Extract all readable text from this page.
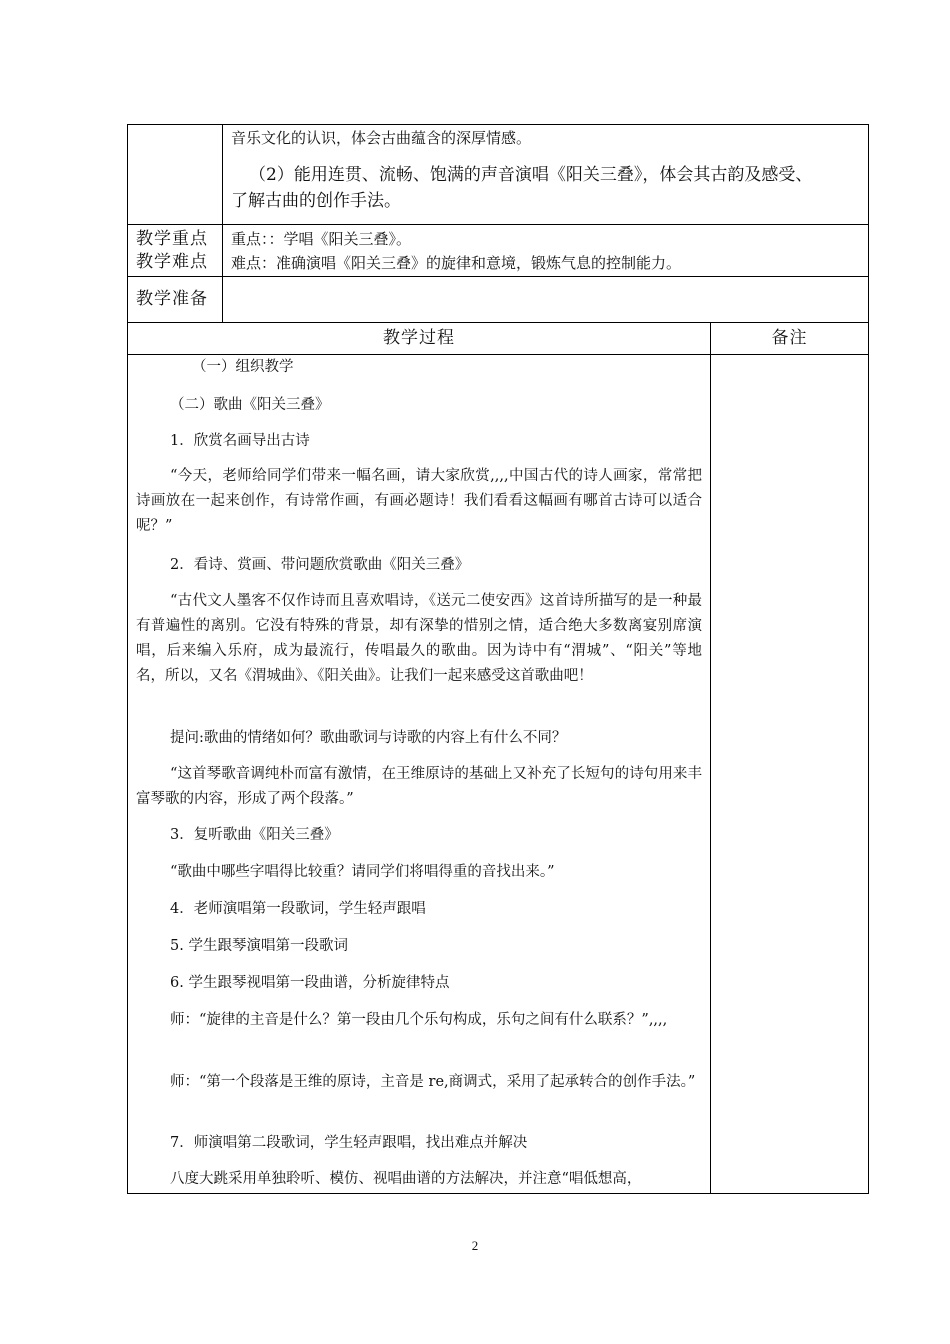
音乐文化的认识，体会古曲蕴含的深厚情感。
（2）能用连贯、流畅、饱满的声音演唱《阳关三叠》，体会其古韵及感受、
了解古曲的创作手法。
教学重点
教学难点
重点：：学唱《阳关三叠》。
难点：准确演唱《阳关三叠》的旋律和意境，锻炼气息的控制能力。
教学准备
教学过程	备注
（一）组织教学
（二）歌曲《阳关三叠》
1．欣赏名画导出古诗
“今天，老师给同学们带来一幅名画，请大家欣赏,,,,中国古代的诗人画家，常常把诗画放在一起来创作，有诗常作画，有画必题诗！我们看看这幅画有哪首古诗可以适合呢？”
2．看诗、赏画、带问题欣赏歌曲《阳关三叠》
“古代文人墨客不仅作诗而且喜欢唱诗，《送元二使安西》这首诗所描写的是一种最有普遍性的离别。它没有特殊的背景，却有深挚的惜别之情，适合绝大多数离宴别席演唱，后来编入乐府，成为最流行，传唱最久的歌曲。因为诗中有“渭城”、“阳关”等地名，所以，又名《渭城曲》、《阳关曲》。让我们一起来感受这首歌曲吧！
提问:歌曲的情绪如何？歌曲歌词与诗歌的内容上有什么不同？
“这首琴歌音调纯朴而富有激情，在王维原诗的基础上又补充了长短句的诗句用来丰富琴歌的内容，形成了两个段落。”
3．复听歌曲《阳关三叠》
“歌曲中哪些字唱得比较重？请同学们将唱得重的音找出来。”
4．老师演唱第一段歌词，学生轻声跟唱
5. 学生跟琴演唱第一段歌词
6. 学生跟琴视唱第一段曲谱，分析旋律特点
师：“旋律的主音是什么？第一段由几个乐句构成，乐句之间有什么联系？”,,,,
师：“第一个段落是王维的原诗，主音是 re,商调式，采用了起承转合的创作手法。”
7．师演唱第二段歌词，学生轻声跟唱，找出难点并解决
八度大跳采用单独聆听、模仿、视唱曲谱的方法解决，并注意“唱低想高，
2
